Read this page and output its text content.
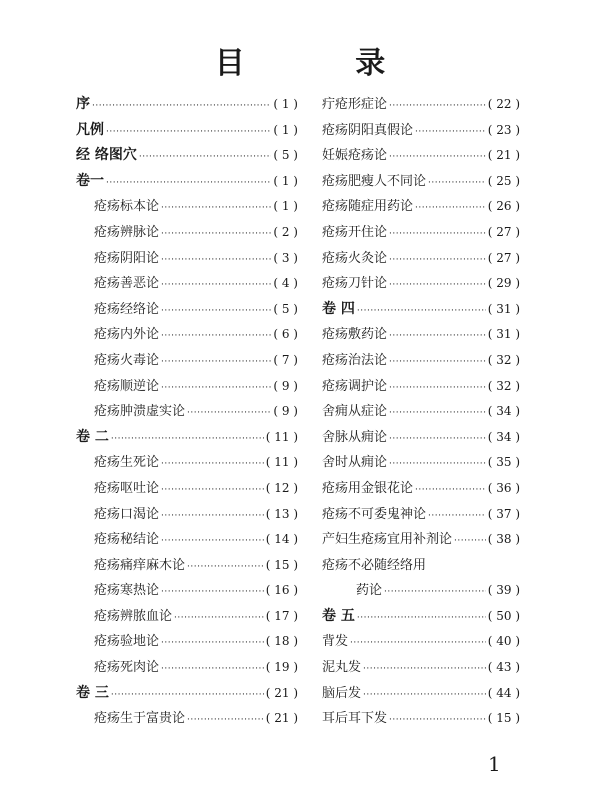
目 录
序 ·····	( 1 )
凡例 ·····	( 1 )
经 络图穴 ·····	( 5 )
卷一 ·····	( 1 )
疮疡标本论 ·····	( 1 )
疮疡辨脉论 ·····	( 2 )
疮疡阴阳论 ·····	( 3 )
疮疡善恶论 ·····	( 4 )
疮疡经络论 ·····	( 5 )
疮疡内外论 ·····	( 6 )
疮疡火毒论 ·····	( 7 )
疮疡顺逆论 ·····	( 9 )
疮疡肿溃虚实论 ·····	( 9 )
卷 二 ·····	( 11 )
疮疡生死论 ·····	( 11 )
疮疡呕吐论 ·····	( 12 )
疮疡口渴论 ·····	( 13 )
疮疡秘结论 ·····	( 14 )
疮疡痛痒麻木论 ·····	( 15 )
疮疡寒热论 ·····	( 16 )
疮疡辨脓血论 ·····	( 17 )
疮疡验地论 ·····	( 18 )
疮疡死肉论 ·····	( 19 )
卷 三 ·····	( 21 )
疮疡生于富贵论 ·····	( 21 )
疔疮形症论 ·····	( 22 )
疮疡阴阳真假论 ·····	( 23 )
妊娠疮疡论 ·····	( 21 )
疮疡肥瘦人不同论 ·····	( 25 )
疮疡随症用药论 ·····	( 26 )
疮疡开住论 ·····	( 27 )
疮疡火灸论 ·····	( 27 )
疮疡刀针论 ·····	( 29 )
卷 四 ·····	( 31 )
疮疡敷药论 ·····	( 31 )
疮疡治法论 ·····	( 32 )
疮疡调护论 ·····	( 32 )
舍痈从症论 ·····	( 34 )
舍脉从痈论 ·····	( 34 )
舍时从痈论 ·····	( 35 )
疮疡用金银花论 ·····	( 36 )
疮疡不可委鬼神论 ·····	( 37 )
产妇生疮疡宜用补剂论 ·····	( 38 )
疮疡不必随经络用
药论 ·····	( 39 )
卷 五 ·····	( 50 )
背发 ·····	( 40 )
泥丸发 ·····	( 43 )
脑后发 ·····	( 44 )
耳后耳下发 ·····	( 15 )
1
